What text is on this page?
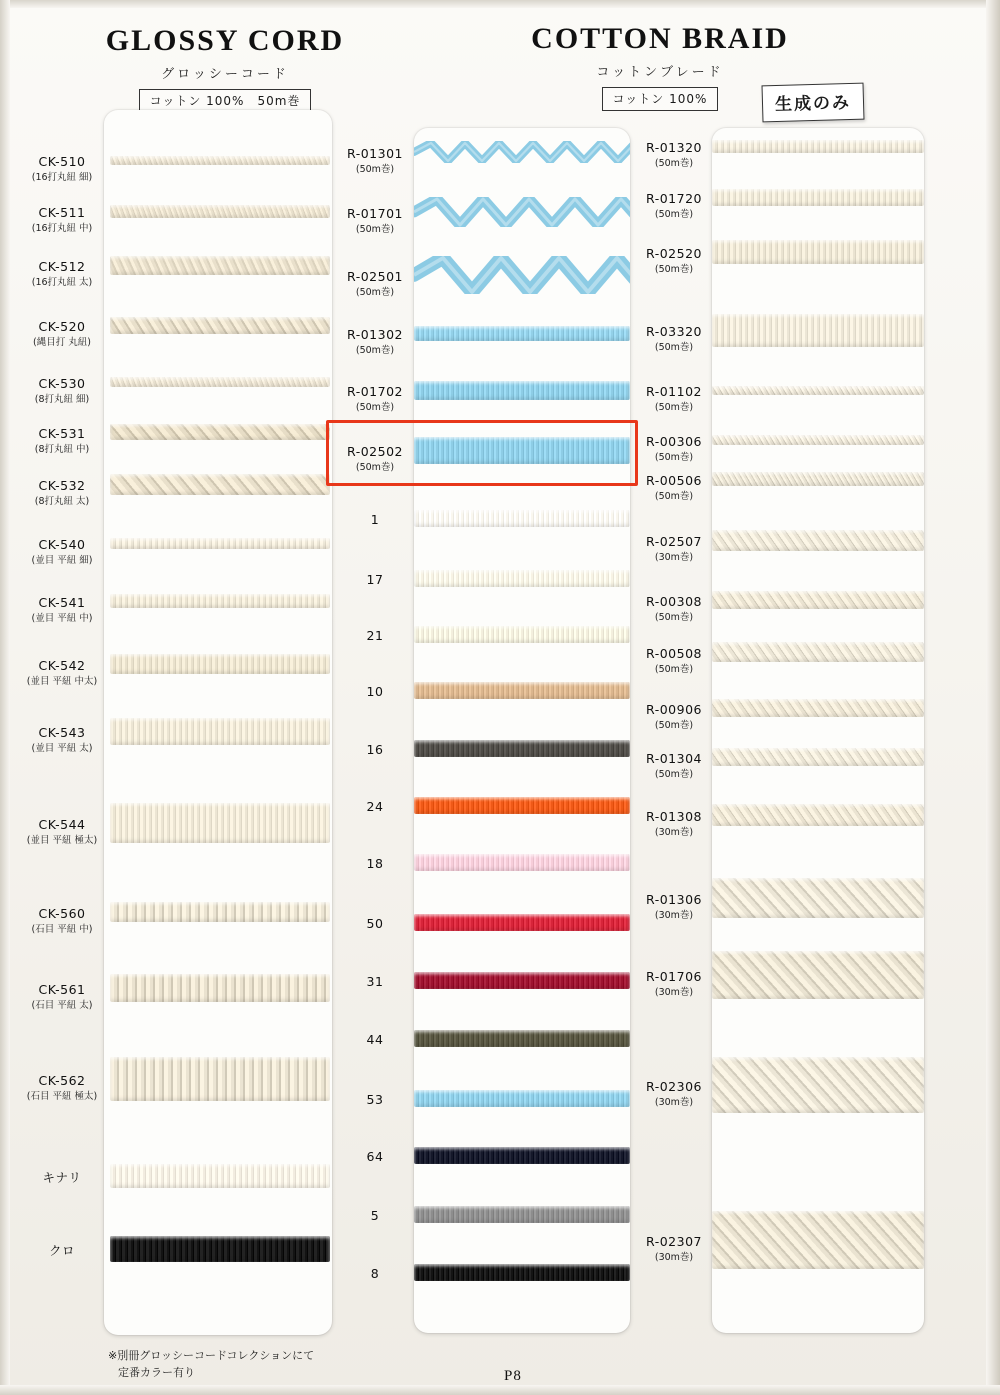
GLOSSY CORD
グロッシーコード
コットン 100%　50m巻
COTTON BRAID
コットンブレード
コットン 100%	生成のみ
CK-510
(16打丸紐 細)
CK-511
(16打丸紐 中)
CK-512
(16打丸紐 太)
CK-520
(縄目打 丸紐)
CK-530
(8打丸紐 細)
CK-531
(8打丸紐 中)
CK-532
(8打丸紐 太)
CK-540
(並目 平紐 細)
CK-541
(並目 平紐 中)
CK-542
(並目 平紐 中太)
CK-543
(並目 平紐 太)
CK-544
(並目 平紐 極太)
CK-560
(石目 平紐 中)
CK-561
(石目 平紐 太)
CK-562
(石目 平紐 極太)
キナリ
クロ
R-01301
(50m巻)
R-01701
(50m巻)
R-02501
(50m巻)
R-01302
(50m巻)
R-01702
(50m巻)
R-02502
(50m巻)
1
17
21
10
16
24
18
50
31
44
53
64
5
8
R-01320
(50m巻)
R-01720
(50m巻)
R-02520
(50m巻)
R-03320
(50m巻)
R-01102
(50m巻)
R-00306
(50m巻)
R-00506
(50m巻)
R-02507
(30m巻)
R-00308
(50m巻)
R-00508
(50m巻)
R-00906
(50m巻)
R-01304
(50m巻)
R-01308
(30m巻)
R-01306
(30m巻)
R-01706
(30m巻)
R-02306
(30m巻)
R-02307
(30m巻)
※別冊グロッシーコードコレクションにて
定番カラー有り	P8
